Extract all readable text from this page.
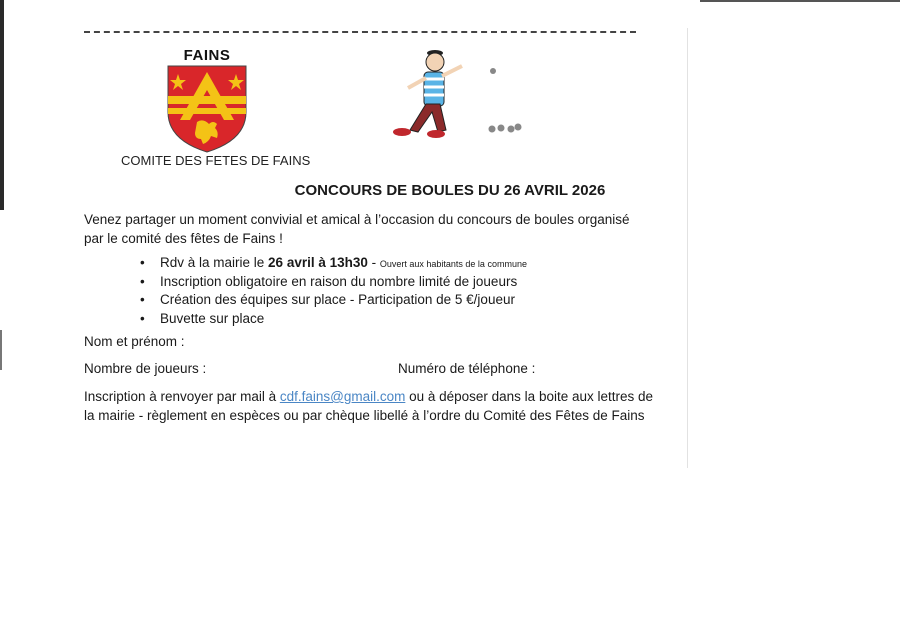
FAINS
COMITE DES FETES DE FAINS
CONCOURS DE BOULES DU 26 AVRIL 2026
Venez partager un moment convivial et amical à l’occasion du concours de boules organisé par le comité des fêtes de Fains !
• Rdv à la mairie le 26 avril à 13h30 - Ouvert aux habitants de la commune
• Inscription obligatoire en raison du nombre limité de joueurs
• Création des équipes sur place - Participation de 5 €/joueur
• Buvette sur place
Nom et prénom :
Nombre de joueurs :	Numéro de téléphone :
Inscription à renvoyer par mail à cdf.fains@gmail.com ou à déposer dans la boite aux lettres de la mairie - règlement en espèces ou par chèque libellé à l’ordre du Comité des Fêtes de Fains
